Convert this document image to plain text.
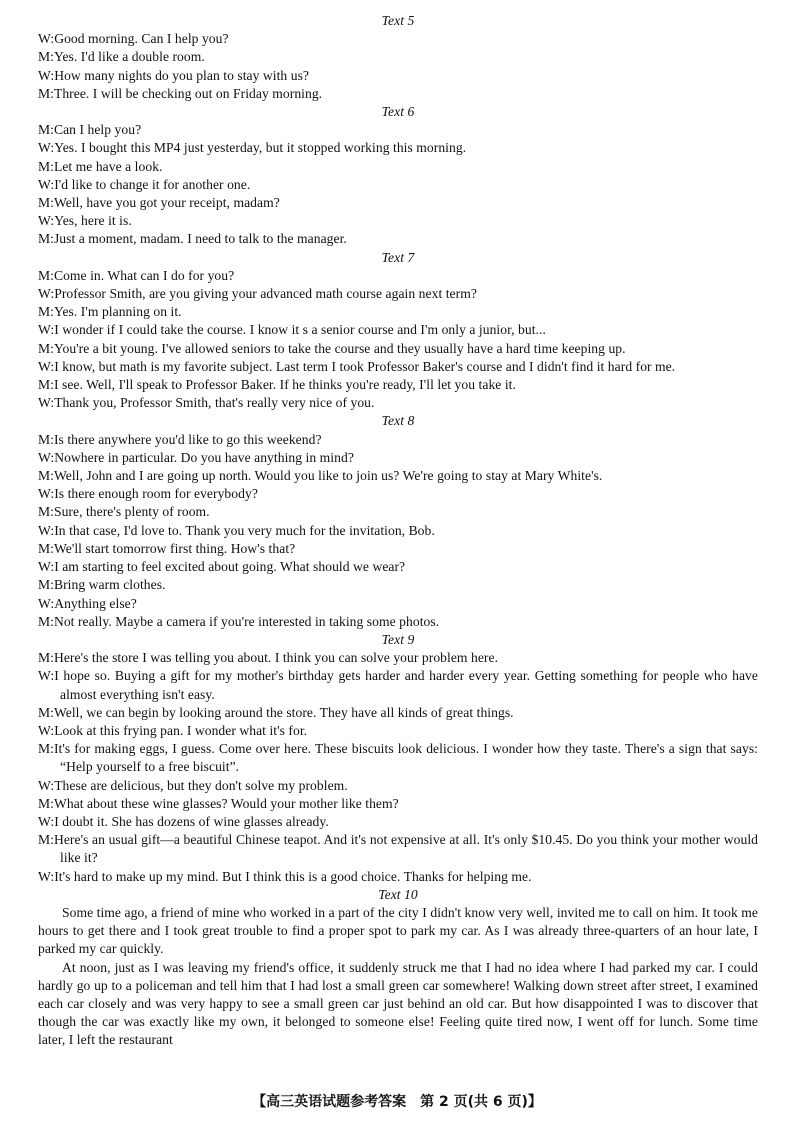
Text 5
W:Good morning. Can I help you?
M:Yes. I'd like a double room.
W:How many nights do you plan to stay with us?
M:Three. I will be checking out on Friday morning.
Text 6
M:Can I help you?
W:Yes. I bought this MP4 just yesterday, but it stopped working this morning.
M:Let me have a look.
W:I'd like to change it for another one.
M:Well, have you got your receipt, madam?
W:Yes, here it is.
M:Just a moment, madam. I need to talk to the manager.
Text 7
M:Come in. What can I do for you?
W:Professor Smith, are you giving your advanced math course again next term?
M:Yes. I'm planning on it.
W:I wonder if I could take the course. I know it s a senior course and I'm only a junior, but...
M:You're a bit young. I've allowed seniors to take the course and they usually have a hard time keeping up.
W:I know, but math is my favorite subject. Last term I took Professor Baker's course and I didn't find it hard for me.
M:I see. Well, I'll speak to Professor Baker. If he thinks you're ready, I'll let you take it.
W:Thank you, Professor Smith, that's really very nice of you.
Text 8
M:Is there anywhere you'd like to go this weekend?
W:Nowhere in particular. Do you have anything in mind?
M:Well, John and I are going up north. Would you like to join us? We're going to stay at Mary White's.
W:Is there enough room for everybody?
M:Sure, there's plenty of room.
W:In that case, I'd love to. Thank you very much for the invitation, Bob.
M:We'll start tomorrow first thing. How's that?
W:I am starting to feel excited about going. What should we wear?
M:Bring warm clothes.
W:Anything else?
M:Not really. Maybe a camera if you're interested in taking some photos.
Text 9
M:Here's the store I was telling you about. I think you can solve your problem here.
W:I hope so. Buying a gift for my mother's birthday gets harder and harder every year. Getting something for people who have almost everything isn't easy.
M:Well, we can begin by looking around the store. They have all kinds of great things.
W:Look at this frying pan. I wonder what it's for.
M:It's for making eggs, I guess. Come over here. These biscuits look delicious. I wonder how they taste. There's a sign that says: “Help yourself to a free biscuit”.
W:These are delicious, but they don't solve my problem.
M:What about these wine glasses? Would your mother like them?
W:I doubt it. She has dozens of wine glasses already.
M:Here's an usual gift—a beautiful Chinese teapot. And it's not expensive at all. It's only $10.45. Do you think your mother would like it?
W:It's hard to make up my mind. But I think this is a good choice. Thanks for helping me.
Text 10
Some time ago, a friend of mine who worked in a part of the city I didn't know very well, invited me to call on him. It took me hours to get there and I took great trouble to find a proper spot to park my car. As I was already three-quarters of an hour late, I parked my car quickly.
At noon, just as I was leaving my friend's office, it suddenly struck me that I had no idea where I had parked my car. I could hardly go up to a policeman and tell him that I had lost a small green car somewhere! Walking down street after street, I examined each car closely and was very happy to see a small green car just behind an old car. But how disappointed I was to discover that though the car was exactly like my own, it belonged to someone else! Feeling quite tired now, I went off for lunch. Some time later, I left the restaurant
【高三英语试题参考答案　第 2 页(共 6 页)】
